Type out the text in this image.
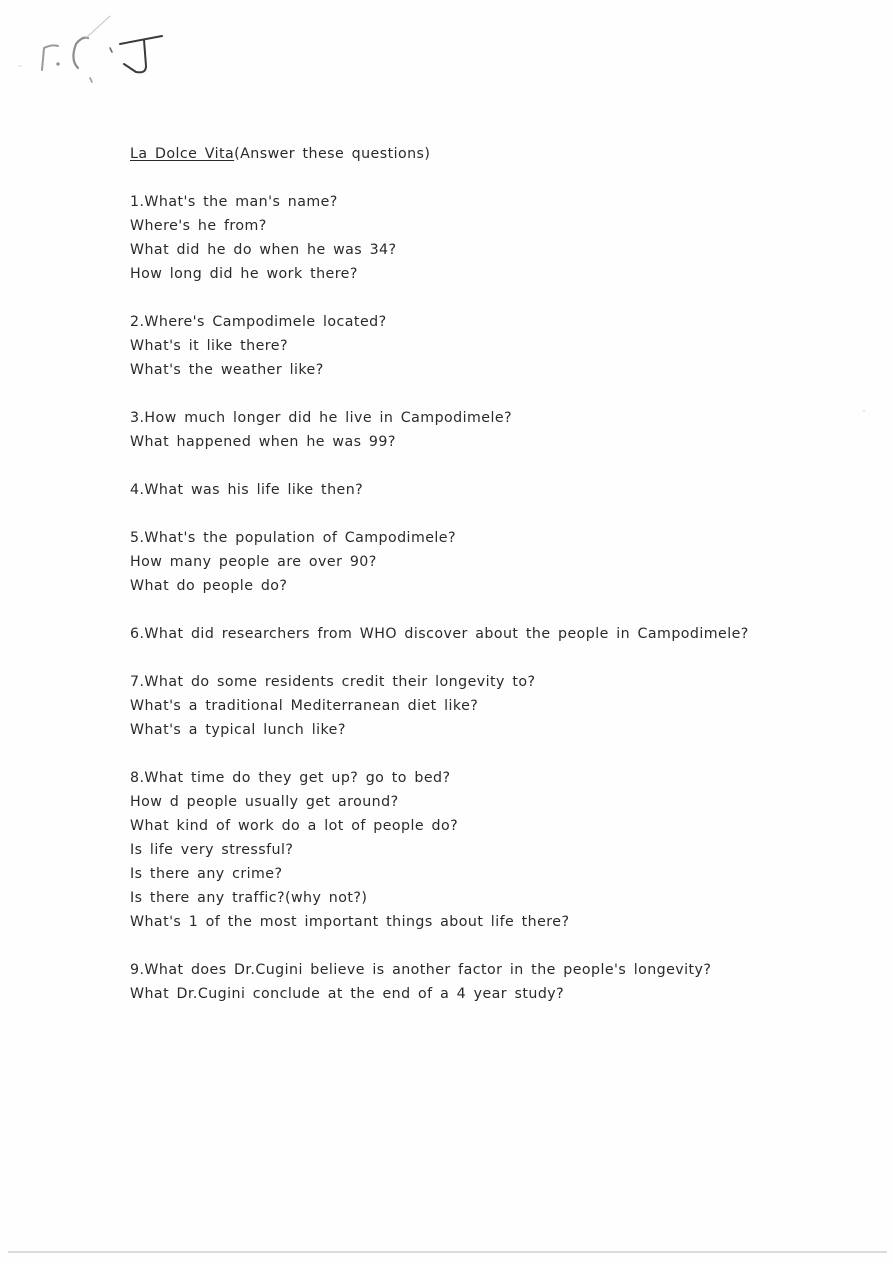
La Dolce Vita(Answer these questions)
1.What's the man's name?
Where's he from?
What did he do when he was 34?
How long did he work there?
2.Where's Campodimele located?
What's it like there?
What's the weather like?
3.How much longer did he live in Campodimele?
What happened when he was 99?
4.What was his life like then?
5.What's the population of Campodimele?
How many people are over 90?
What do people do?
6.What did researchers from WHO discover about the people in Campodimele?
7.What do some residents credit their longevity to?
What's a traditional Mediterranean diet like?
What's a typical lunch like?
8.What time do they get up? go to bed?
How d people usually get around?
What kind of work do a lot of people do?
Is life very stressful?
Is there any crime?
Is there any traffic?(why not?)
What's 1 of the most important things about life there?
9.What does Dr.Cugini believe is another factor in the people's longevity?
What Dr.Cugini conclude at the end of a 4 year study?
